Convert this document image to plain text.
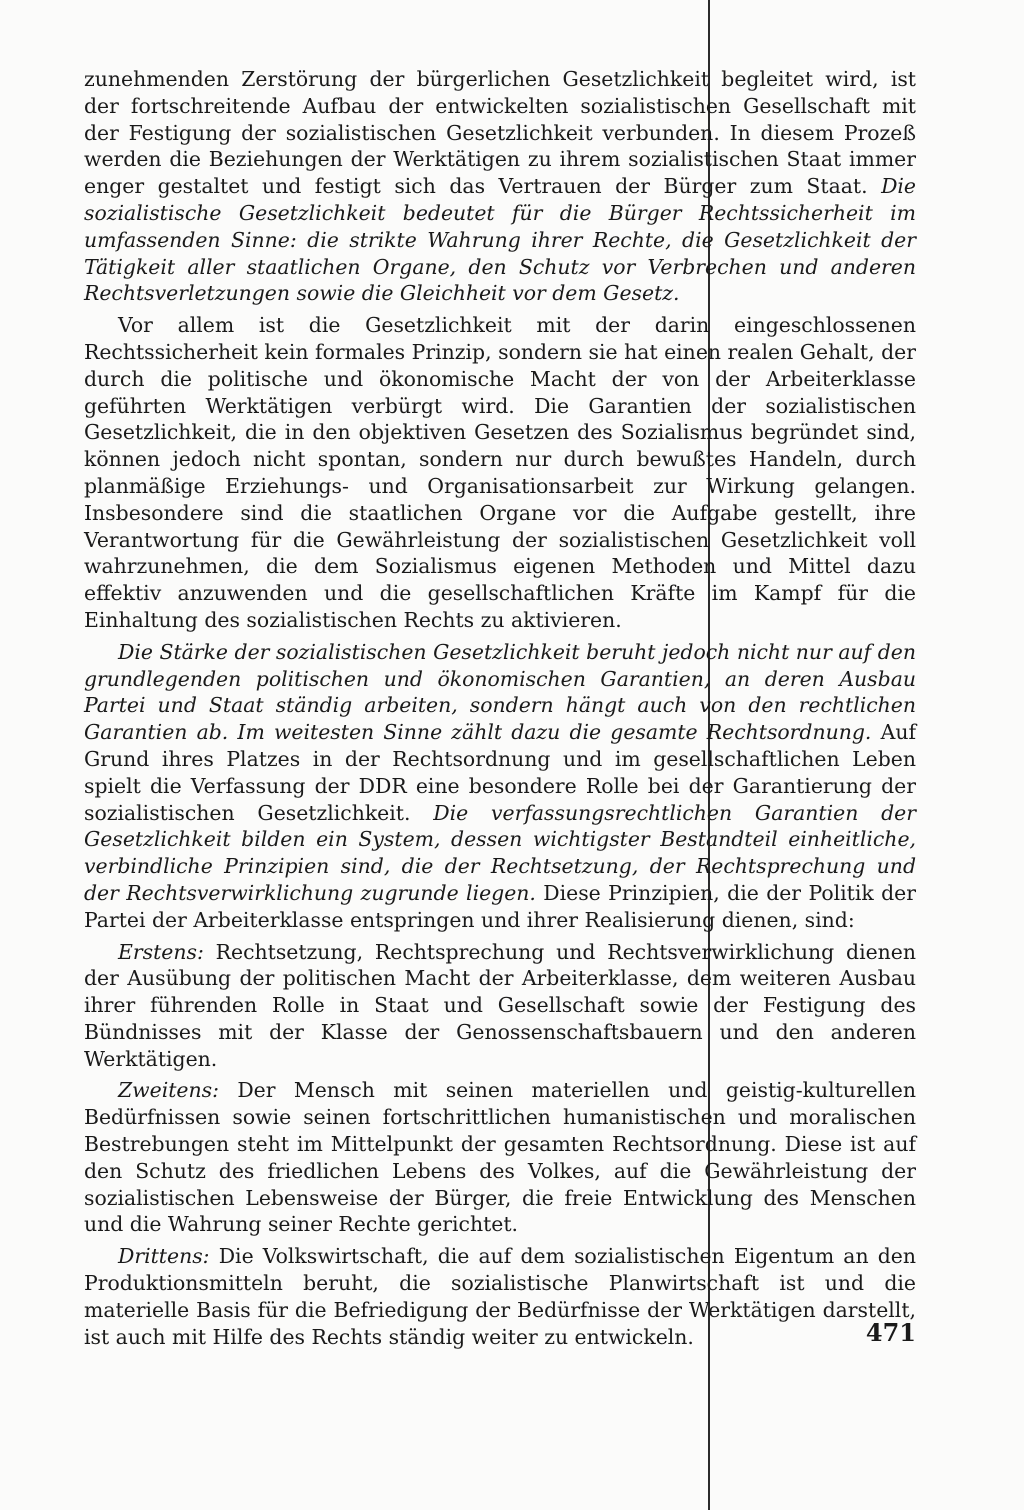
zunehmenden Zerstörung der bürgerlichen Gesetzlichkeit begleitet wird, ist der fortschreitende Aufbau der entwickelten sozialistischen Gesellschaft mit der Festigung der sozialistischen Gesetzlichkeit verbunden. In diesem Prozeß werden die Beziehungen der Werktätigen zu ihrem sozialistischen Staat immer enger gestaltet und festigt sich das Vertrauen der Bürger zum Staat. Die sozialistische Gesetzlichkeit bedeutet für die Bürger Rechtssicherheit im umfassenden Sinne: die strikte Wahrung ihrer Rechte, die Gesetzlichkeit der Tätigkeit aller staatlichen Organe, den Schutz vor Verbrechen und anderen Rechtsverletzungen sowie die Gleichheit vor dem Gesetz.

Vor allem ist die Gesetzlichkeit mit der darin eingeschlossenen Rechtssicherheit kein formales Prinzip, sondern sie hat einen realen Gehalt, der durch die politische und ökonomische Macht der von der Arbeiterklasse geführten Werktätigen verbürgt wird. Die Garantien der sozialistischen Gesetzlichkeit, die in den objektiven Gesetzen des Sozialismus begründet sind, können jedoch nicht spontan, sondern nur durch bewußtes Handeln, durch planmäßige Erziehungs- und Organisationsarbeit zur Wirkung gelangen. Insbesondere sind die staatlichen Organe vor die Aufgabe gestellt, ihre Verantwortung für die Gewährleistung der sozialistischen Gesetzlichkeit voll wahrzunehmen, die dem Sozialismus eigenen Methoden und Mittel dazu effektiv anzuwenden und die gesellschaftlichen Kräfte im Kampf für die Einhaltung des sozialistischen Rechts zu aktivieren.

Die Stärke der sozialistischen Gesetzlichkeit beruht jedoch nicht nur auf den grundlegenden politischen und ökonomischen Garantien, an deren Ausbau Partei und Staat ständig arbeiten, sondern hängt auch von den rechtlichen Garantien ab. Im weitesten Sinne zählt dazu die gesamte Rechtsordnung. Auf Grund ihres Platzes in der Rechtsordnung und im gesellschaftlichen Leben spielt die Verfassung der DDR eine besondere Rolle bei der Garantierung der sozialistischen Gesetzlichkeit. Die verfassungsrechtlichen Garantien der Gesetzlichkeit bilden ein System, dessen wichtigster Bestandteil einheitliche, verbindliche Prinzipien sind, die der Rechtsetzung, der Rechtsprechung und der Rechtsverwirklichung zugrunde liegen. Diese Prinzipien, die der Politik der Partei der Arbeiterklasse entspringen und ihrer Realisierung dienen, sind:

Erstens: Rechtsetzung, Rechtsprechung und Rechtsverwirklichung dienen der Ausübung der politischen Macht der Arbeiterklasse, dem weiteren Ausbau ihrer führenden Rolle in Staat und Gesellschaft sowie der Festigung des Bündnisses mit der Klasse der Genossenschaftsbauern und den anderen Werktätigen.

Zweitens: Der Mensch mit seinen materiellen und geistig-kulturellen Bedürfnissen sowie seinen fortschrittlichen humanistischen und moralischen Bestrebungen steht im Mittelpunkt der gesamten Rechtsordnung. Diese ist auf den Schutz des friedlichen Lebens des Volkes, auf die Gewährleistung der sozialistischen Lebensweise der Bürger, die freie Entwicklung des Menschen und die Wahrung seiner Rechte gerichtet.

Drittens: Die Volkswirtschaft, die auf dem sozialistischen Eigentum an den Produktionsmitteln beruht, die sozialistische Planwirtschaft ist und die materielle Basis für die Befriedigung der Bedürfnisse der Werktätigen darstellt, ist auch mit Hilfe des Rechts ständig weiter zu entwickeln.	471
